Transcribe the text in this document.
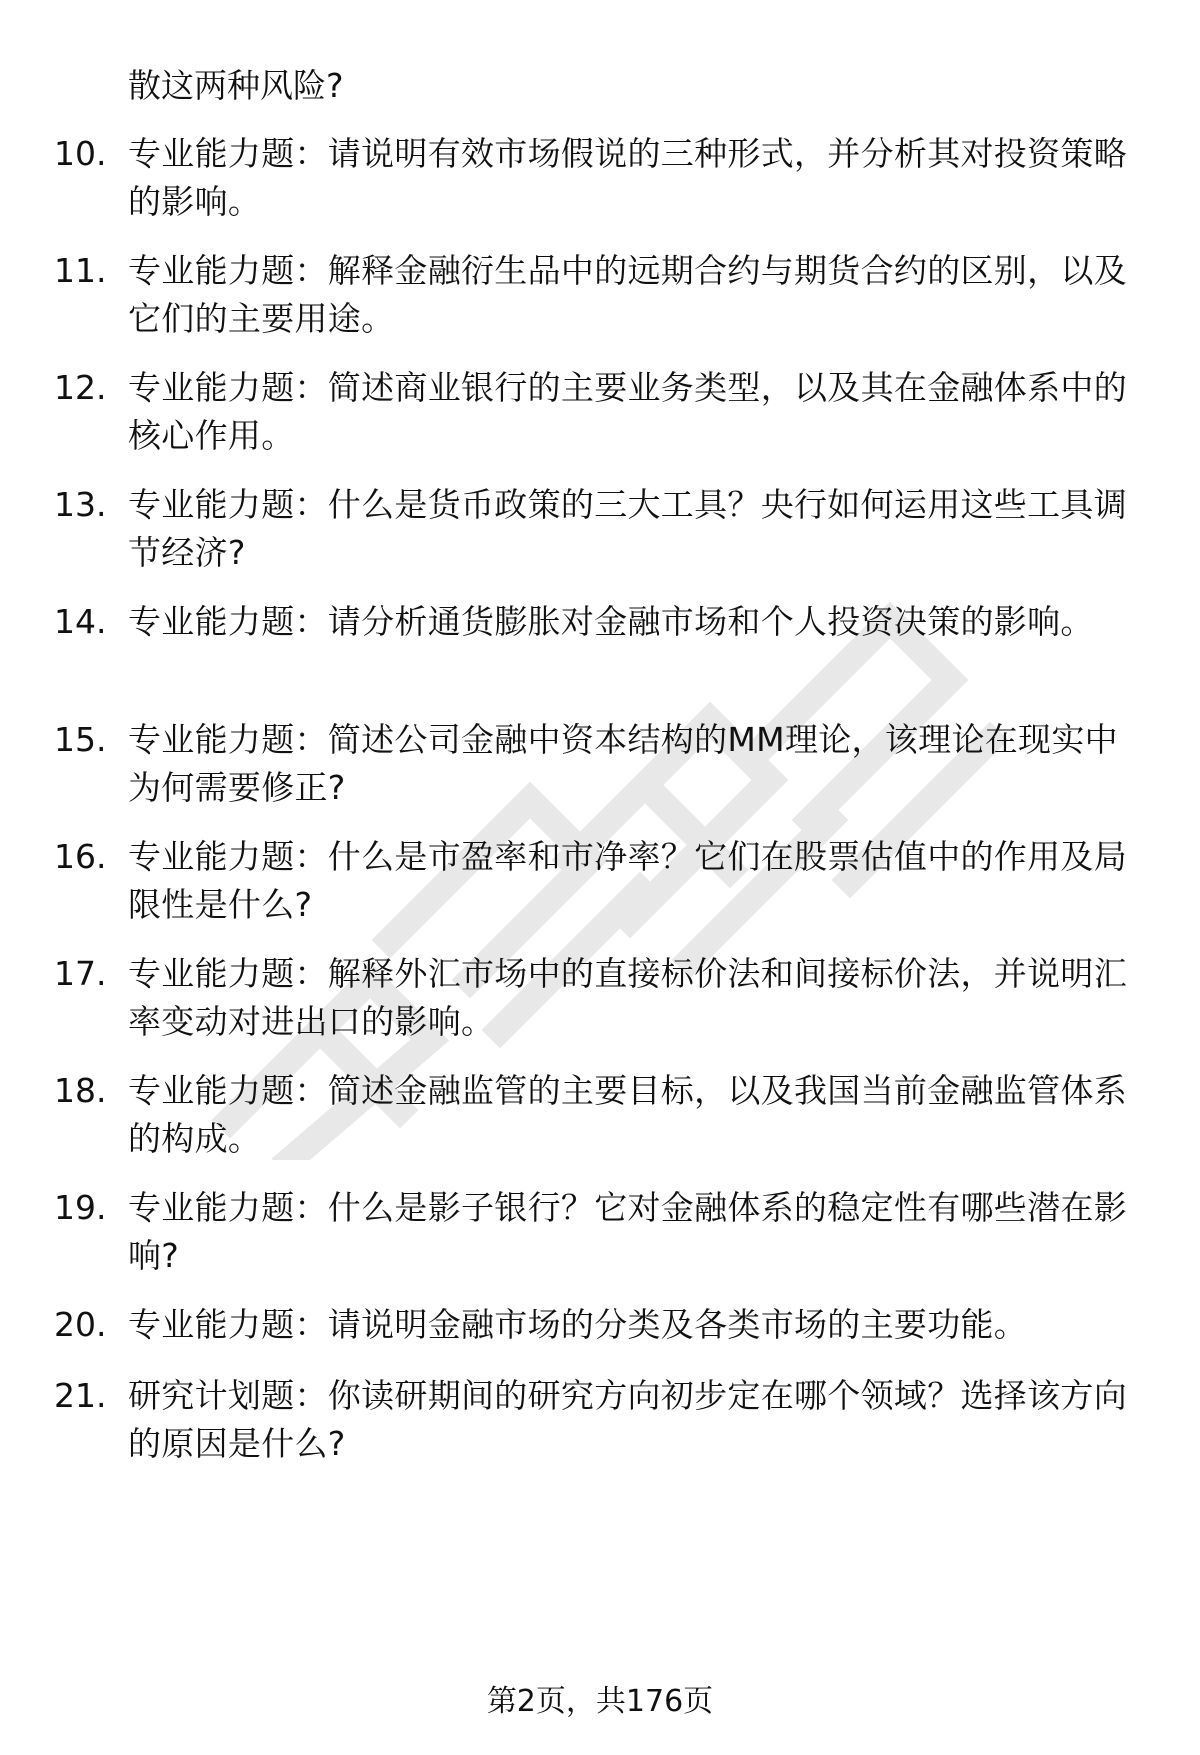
散这两种风险?
10. 专业能力题：请说明有效市场假说的三种形式，并分析其对投资策略的影响。
11. 专业能力题：解释金融衍生品中的远期合约与期货合约的区别，以及它们的主要用途。
12. 专业能力题：简述商业银行的主要业务类型，以及其在金融体系中的核心作用。
13. 专业能力题：什么是货币政策的三大工具？央行如何运用这些工具调节经济?
14. 专业能力题：请分析通货膨胀对金融市场和个人投资决策的影响。
15. 专业能力题：简述公司金融中资本结构的MM理论，该理论在现实中为何需要修正?
16. 专业能力题：什么是市盈率和市净率？它们在股票估值中的作用及局限性是什么?
17. 专业能力题：解释外汇市场中的直接标价法和间接标价法，并说明汇率变动对进出口的影响。
18. 专业能力题：简述金融监管的主要目标，以及我国当前金融监管体系的构成。
19. 专业能力题：什么是影子银行？它对金融体系的稳定性有哪些潜在影响?
20. 专业能力题：请说明金融市场的分类及各类市场的主要功能。
21. 研究计划题：你读研期间的研究方向初步定在哪个领域？选择该方向的原因是什么?
第2页，共176页
